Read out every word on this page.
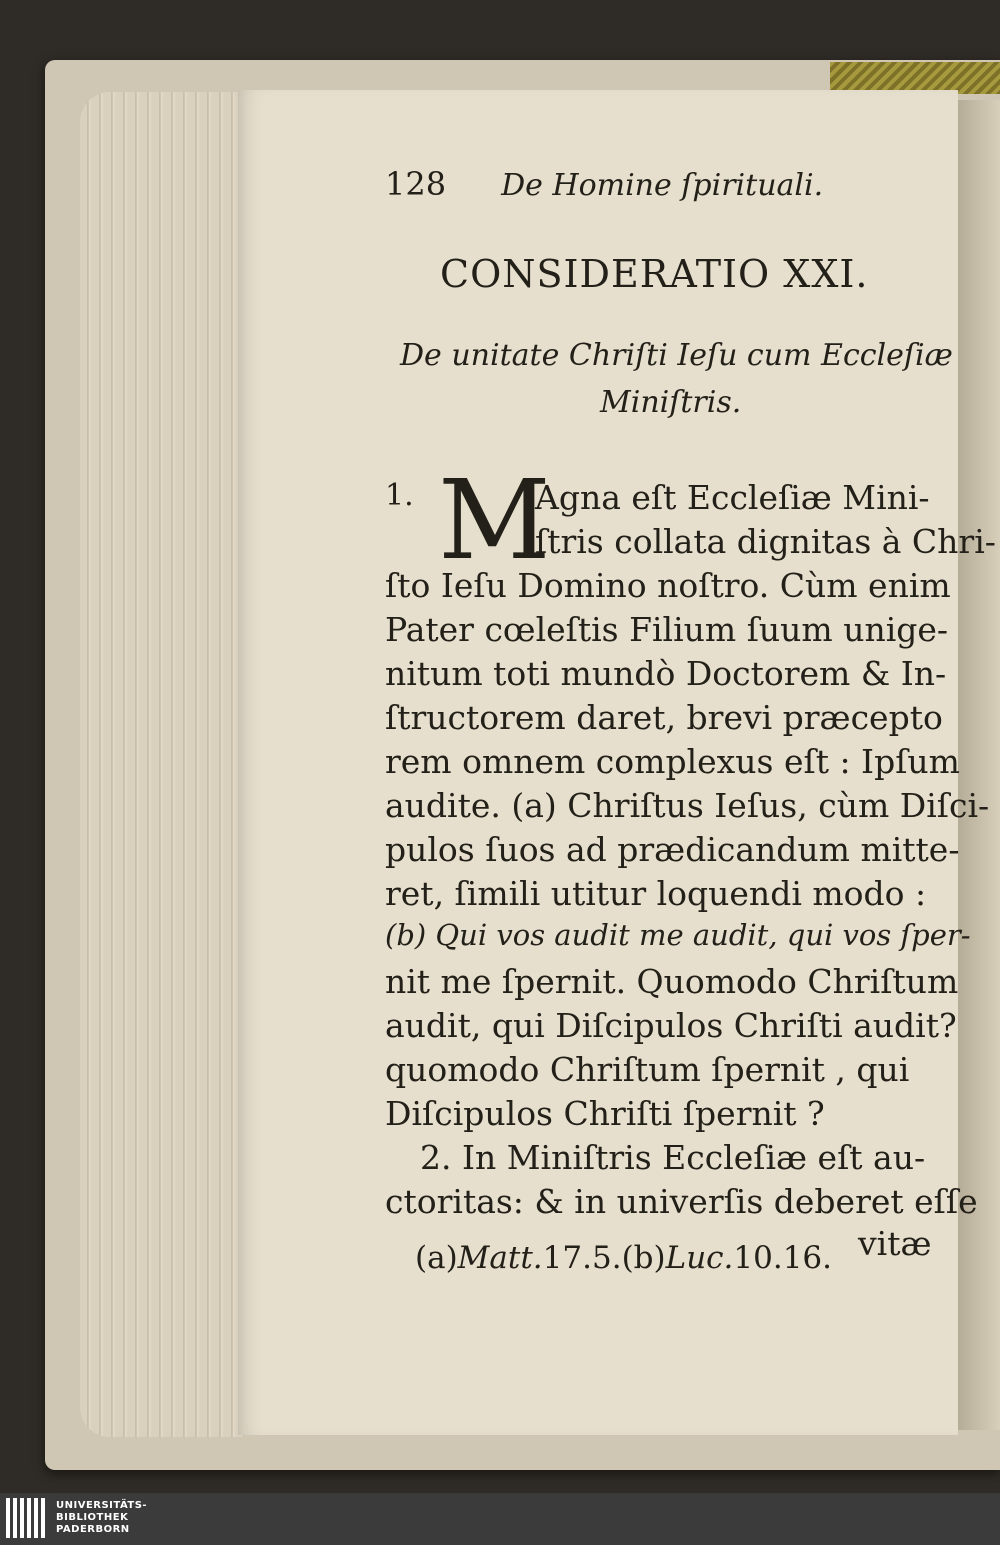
128 De Homine ſpirituali.
CONSIDERATIO XXI.
De unitate Chriſti Ieſu cum Eccleſiæ
Miniſtris.
1. M
Agna eſt Eccleſiæ Mini-
ſtris collata dignitas à Chri-
ſto Ieſu Domino noſtro. Cùm enim
Pater cœleſtis Filium ſuum unige-
nitum toti mundò Doctorem & In-
ſtructorem daret, brevi præcepto
rem omnem complexus eſt : Ipſum
audite. (a) Chriſtus Ieſus, cùm Diſci-
pulos ſuos ad prædicandum mitte-
ret, ſimili utitur loquendi modo :
(b) Qui vos audit me audit, qui vos ſper-
nit me ſpernit. Quomodo Chriſtum
audit, qui Diſcipulos Chriſti audit?
quomodo Chriſtum ſpernit , qui
Diſcipulos Chriſti ſpernit ?
2. In Miniſtris Eccleſiæ eſt au-
ctoritas: & in univerſis deberet eſſe
vitæ
(a)Matt.17.5.(b)Luc.10.16.
UNIVERSITÄTS-
BIBLIOTHEK
PADERBORN
